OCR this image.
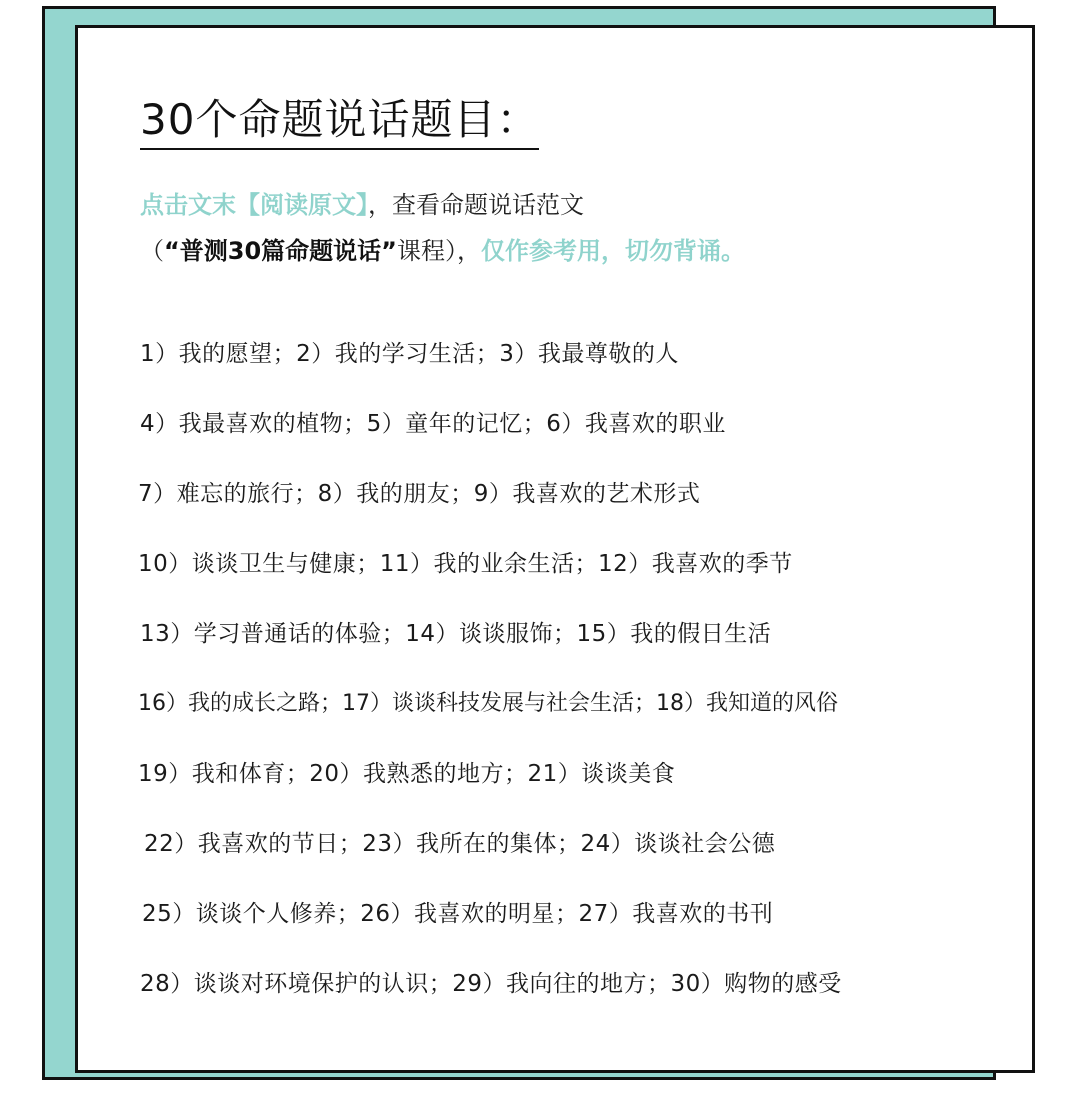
30个命题说话题目：
点击文末【阅读原文】，查看命题说话范文
（“普测30篇命题说话”课程），仅作参考用，切勿背诵。
1）我的愿望；2）我的学习生活；3）我最尊敬的人
4）我最喜欢的植物；5）童年的记忆；6）我喜欢的职业
7）难忘的旅行；8）我的朋友；9）我喜欢的艺术形式
10）谈谈卫生与健康；11）我的业余生活；12）我喜欢的季节
13）学习普通话的体验；14）谈谈服饰；15）我的假日生活
16）我的成长之路；17）谈谈科技发展与社会生活；18）我知道的风俗
19）我和体育；20）我熟悉的地方；21）谈谈美食
22）我喜欢的节日；23）我所在的集体；24）谈谈社会公德
25）谈谈个人修养；26）我喜欢的明星；27）我喜欢的书刊
28）谈谈对环境保护的认识；29）我向往的地方；30）购物的感受
